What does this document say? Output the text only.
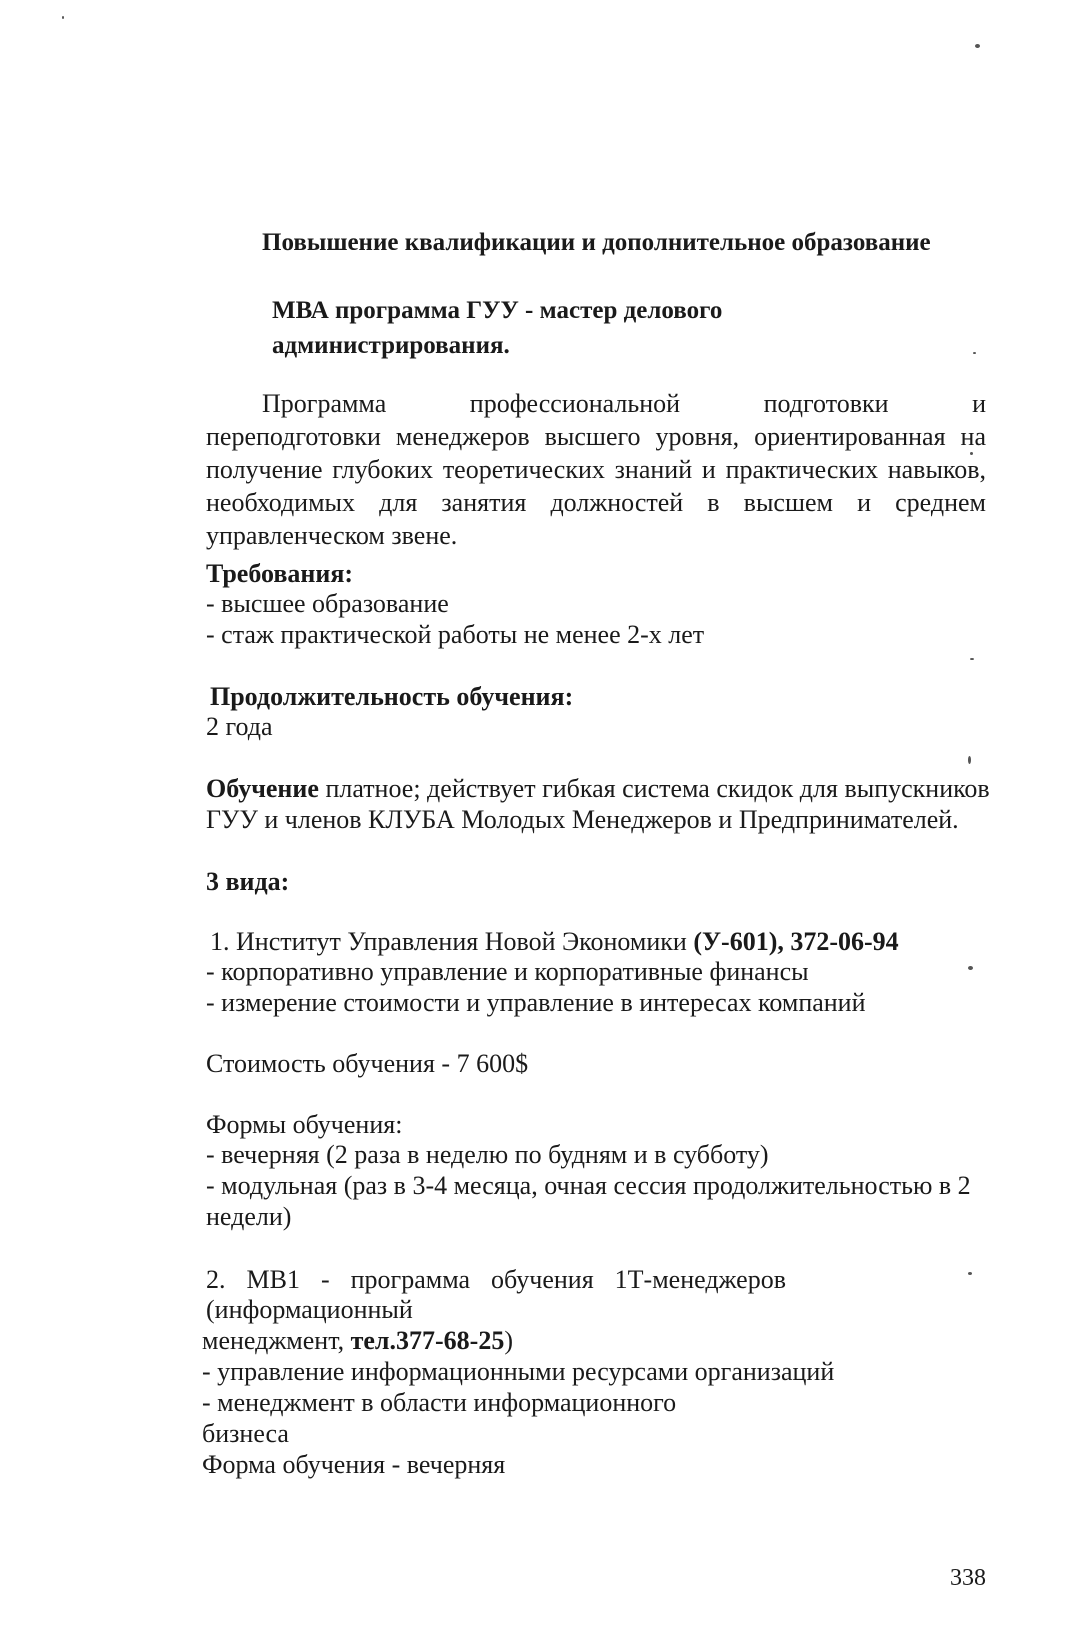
Повышение квалификации и дополнительное образование

МВА программа ГУУ - мастер делового администрирования.

Программа профессиональной подготовки и
переподготовки менеджеров высшего уровня, ориентированная на
получение глубоких теоретических знаний и практических навыков,
необходимых для занятия должностей в высшем и среднем
управленческом звене.

Требования:

- высшее образование

- стаж практической работы не менее 2-х лет

Продолжительность обучения:

2 года

Обучение платное; действует гибкая система скидок для выпускников

ГУУ и членов КЛУБА Молодых Менеджеров и Предпринимателей.

3 вида:

1. Институт Управления Новой Экономики (У-601), 372-06-94

- корпоративно управление и корпоративные финансы

- измерение стоимости и управление в интересах компаний

Стоимость обучения - 7 600$

Формы обучения:

- вечерняя (2 раза в неделю по будням и в субботу)

- модульная (раз в 3-4 месяца, очная сессия продолжительностью в 2

недели)

2. МВ1 - программа обучения 1Т-менеджеров

(информационный

менеджмент, тел.377-68-25)

- управление информационными ресурсами организаций

- менеджмент в области информационного

бизнеса

Форма обучения - вечерняя

338
